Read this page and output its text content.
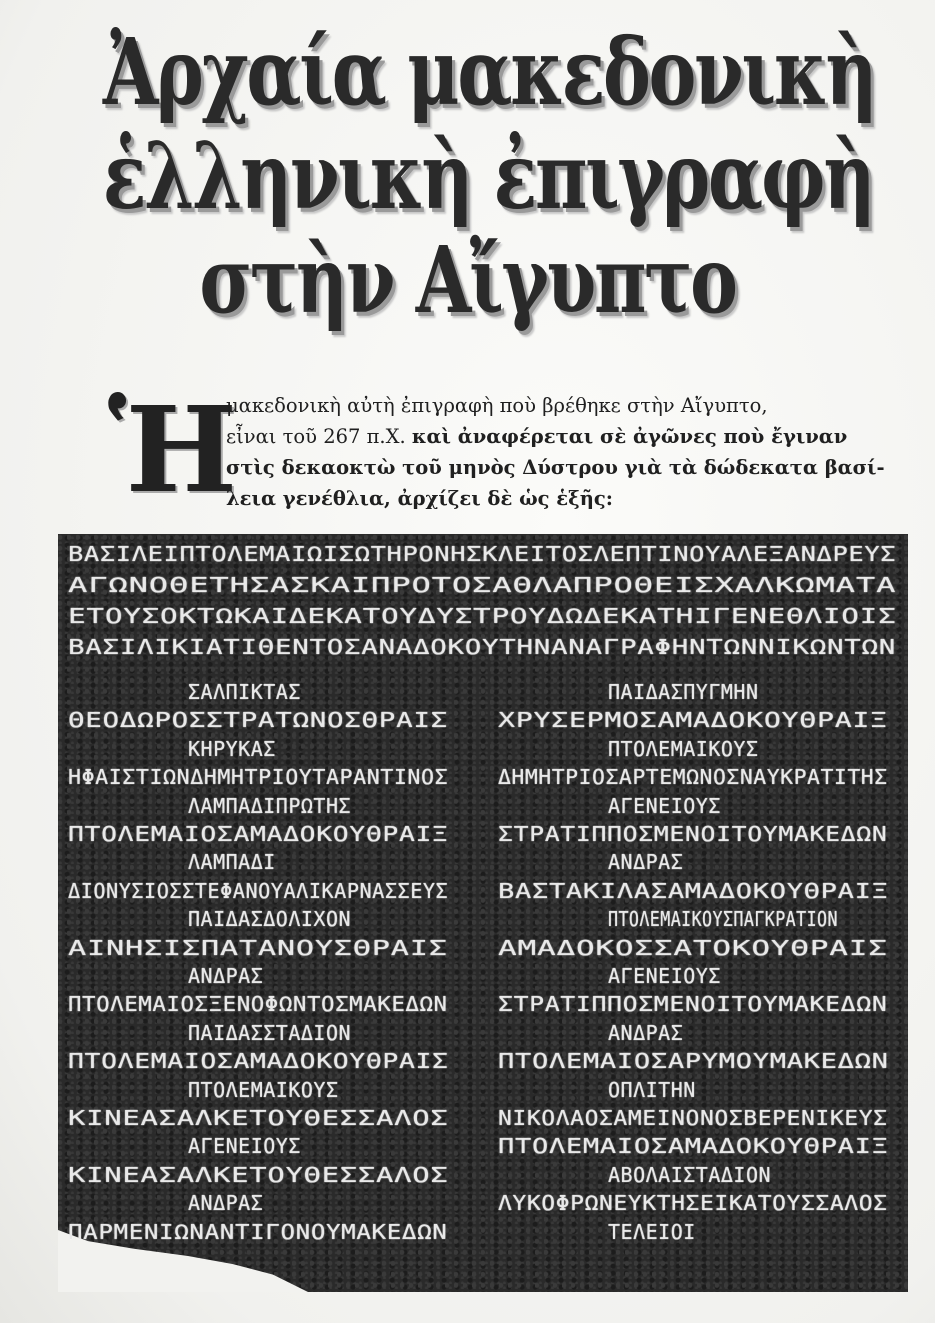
Ἀρχαία μακεδονικὴ
ἑλληνικὴ ἐπιγραφὴ
στὴν Αἴγυπτο
Ἡ
μακεδονικὴ αὐτὴ ἐπιγραφὴ ποὺ βρέθηκε στὴν Αἴγυπτο,
εἶναι τοῦ 267 π.Χ. καὶ ἀναφέρεται σὲ ἀγῶνες ποὺ ἔγιναν
στὶς δεκαοκτὼ τοῦ μηνὸς Δύστρου γιὰ τὰ δώδεκατα βασί-
λεια γενέθλια, ἀρχίζει δὲ ὡς ἑξῆς:
ΒΑΣΙΛΕΙΠΤΟΛΕΜΑΙΩΙΣΩΤΗΡΟΝΗΣΚΛΕΙΤΟΣΛΕΠΤΙΝΟΥΑΛΕΞΑΝΔΡΕΥΣ
ΑΓΩΝΟΘΕΤΗΣΑΣΚΑΙΠΡΟΤΟΣΑΘΛΑΠΡΟΘΕΙΣΧΑΛΚΩΜΑΤΑ
ΕΤΟΥΣΟΚΤΩΚΑΙΔΕΚΑΤΟΥΔΥΣΤΡΟΥΔΩΔΕΚΑΤΗΙΓΕΝΕΘΛΙΟΙΣ
ΒΑΣΙΛΙΚΙΑΤΙΘΕΝΤΟΣΑΝΑΔΟΚΟΥΤΗΝΑΝΑΓΡΑΦΗΝΤΩΝΝΙΚΩΝΤΩΝ
ΣΑΛΠΙΚΤΑΣ
ΘΕΟΔΩΡΟΣΣΤΡΑΤΩΝΟΣΘΡΑΙΣ
ΚΗΡΥΚΑΣ
ΗΦΑΙΣΤΙΩΝΔΗΜΗΤΡΙΟΥΤΑΡΑΝΤΙΝΟΣ
ΛΑΜΠΑΔΙΠΡΩΤΗΣ
ΠΤΟΛΕΜΑΙΟΣΑΜΑΔΟΚΟΥΘΡΑΙΞ
ΛΑΜΠΑΔΙ
ΔΙΟΝΥΣΙΟΣΣΤΕΦΑΝΟΥΑΛΙΚΑΡΝΑΣΣΕΥΣ
ΠΑΙΔΑΣΔΟΛΙΧΟΝ
ΑΙΝΗΣΙΣΠΑΤΑΝΟΥΣΘΡΑΙΣ
ΑΝΔΡΑΣ
ΠΤΟΛΕΜΑΙΟΣΞΕΝΟΦΩΝΤΟΣΜΑΚΕΔΩΝ
ΠΑΙΔΑΣΣΤΑΔΙΟΝ
ΠΤΟΛΕΜΑΙΟΣΑΜΑΔΟΚΟΥΘΡΑΙΣ
ΠΤΟΛΕΜΑΙΚΟΥΣ
ΚΙΝΕΑΣΑΛΚΕΤΟΥΘΕΣΣΑΛΟΣ
ΑΓΕΝΕΙΟΥΣ
ΚΙΝΕΑΣΑΛΚΕΤΟΥΘΕΣΣΑΛΟΣ
ΑΝΔΡΑΣ
ΠΑΡΜΕΝΙΩΝΑΝΤΙΓΟΝΟΥΜΑΚΕΔΩΝ
ΠΑΙΔΑΣΠΥΓΜΗΝ
ΧΡΥΣΕΡΜΟΣΑΜΑΔΟΚΟΥΘΡΑΙΞ
ΠΤΟΛΕΜΑΙΚΟΥΣ
ΔΗΜΗΤΡΙΟΣΑΡΤΕΜΩΝΟΣΝΑΥΚΡΑΤΙΤΗΣ
ΑΓΕΝΕΙΟΥΣ
ΣΤΡΑΤΙΠΠΟΣΜΕΝΟΙΤΟΥΜΑΚΕΔΩΝ
ΑΝΔΡΑΣ
ΒΑΣΤΑΚΙΛΑΣΑΜΑΔΟΚΟΥΘΡΑΙΞ
ΠΤΟΛΕΜΑΙΚΟΥΣΠΑΓΚΡΑΤΙΟΝ
ΑΜΑΔΟΚΟΣΣΑΤΟΚΟΥΘΡΑΙΣ
ΑΓΕΝΕΙΟΥΣ
ΣΤΡΑΤΙΠΠΟΣΜΕΝΟΙΤΟΥΜΑΚΕΔΩΝ
ΑΝΔΡΑΣ
ΠΤΟΛΕΜΑΙΟΣΑΡΥΜΟΥΜΑΚΕΔΩΝ
ΟΠΛΙΤΗΝ
ΝΙΚΟΛΑΟΣΑΜΕΙΝΟΝΟΣΒΕΡΕΝΙΚΕΥΣ
ΠΤΟΛΕΜΑΙΟΣΑΜΑΔΟΚΟΥΘΡΑΙΞ
ΑΒΟΛΑΙΣΤΑΔΙΟΝ
ΛΥΚΟΦΡΩΝΕΥΚΤΗΣΕΙΚΑΤΟΥΣΣΑΛΟΣ
ΤΕΛΕΙΟΙ
